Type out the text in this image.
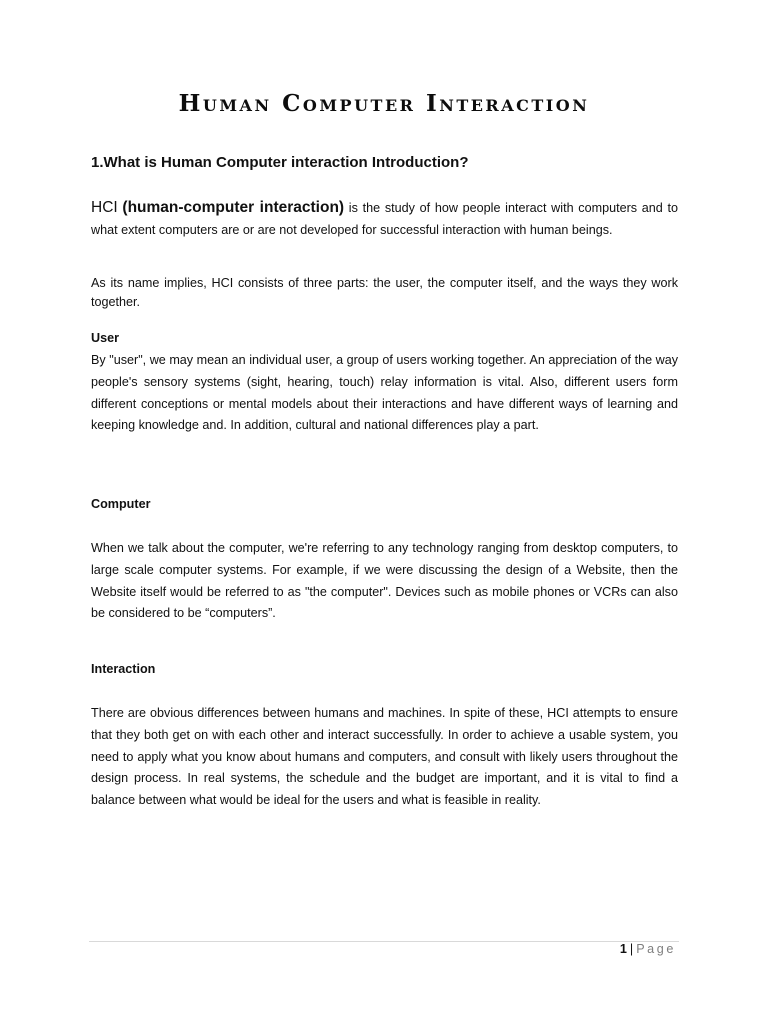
Human Computer Interaction
1.What is Human Computer interaction Introduction?
HCI (human-computer interaction) is the study of how people interact with computers and to what extent computers are or are not developed for successful interaction with human beings.
As its name implies, HCI consists of three parts: the user, the computer itself, and the ways they work together.
User
By "user", we may mean an individual user, a group of users working together. An appreciation of the way people's sensory systems (sight, hearing, touch) relay information is vital. Also, different users form different conceptions or mental models about their interactions and have different ways of learning and keeping knowledge and. In addition, cultural and national differences play a part.
Computer
When we talk about the computer, we're referring to any technology ranging from desktop computers, to large scale computer systems. For example, if we were discussing the design of a Website, then the Website itself would be referred to as "the computer". Devices such as mobile phones or VCRs can also be considered to be “computers”.
Interaction
There are obvious differences between humans and machines. In spite of these, HCI attempts to ensure that they both get on with each other and interact successfully. In order to achieve a usable system, you need to apply what you know about humans and computers, and consult with likely users throughout the design process. In real systems, the schedule and the budget are important, and it is vital to find a balance between what would be ideal for the users and what is feasible in reality.
1 | Page
